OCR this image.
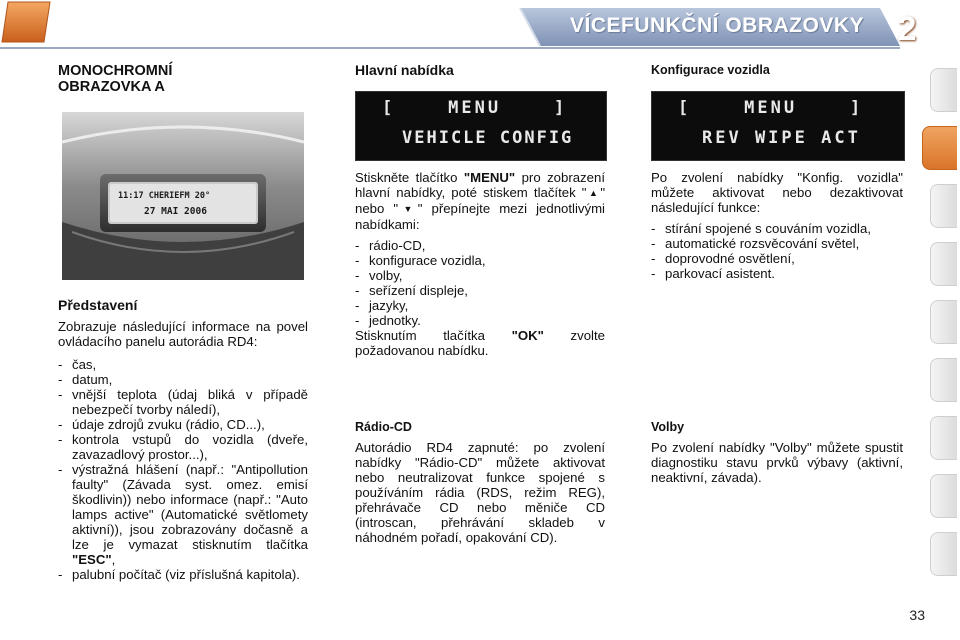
VÍCEFUNKČNÍ OBRAZOVKY 2
MONOCHROMNÍ
OBRAZOVKA A
11:17 CHERIEFM 20°
27 MAI 2006
Představení

Zobrazuje následující informace na povel ovládacího panelu autorádia RD4:

- čas,
- datum,
- vnější teplota (údaj bliká v případě nebezpečí tvorby náledí),
- údaje zdrojů zvuku (rádio, CD...),
- kontrola vstupů do vozidla (dveře, zavazadlový prostor...),
- výstražná hlášení (např.: "Antipollution faulty" (Závada syst. omez. emisí škodlivin)) nebo informace (např.: "Auto lamps active" (Automatické světlomety aktivní)), jsou zobrazovány dočasně a lze je vymazat stisknutím tlačítka "ESC",
- palubní počítač (viz příslušná kapitola).
Hlavní nabídka
[    MENU    ]
VEHICLE CONFIG

Stiskněte tlačítko "MENU" pro zobrazení hlavní nabídky, poté stiskem tlačítek "▲" nebo "▼" přepínejte mezi jednotlivými nabídkami:

- rádio-CD,
- konfigurace vozidla,
- volby,
- seřízení displeje,
- jazyky,
- jednotky.

Stisknutím tlačítka "OK" zvolte požadovanou nabídku.

Rádio-CD

Autorádio RD4 zapnuté: po zvolení nabídky "Rádio-CD" můžete aktivovat nebo neutralizovat funkce spojené s používáním rádia (RDS, režim REG), přehrávače CD nebo měniče CD (introscan, přehrávání skladeb v náhodném pořadí, opakování CD).

Konfigurace vozidla
[    MENU    ]
REV WIPE ACT

Po zvolení nabídky "Konfig. vozidla" můžete aktivovat nebo dezaktivovat následující funkce:

- stírání spojené s couváním vozidla,
- automatické rozsvěcování světel,
- doprovodné osvětlení,
- parkovací asistent.
Volby

Po zvolení nabídky "Volby" můžete spustit diagnostiku stavu prvků výbavy (aktivní, neaktivní, závada).

33
